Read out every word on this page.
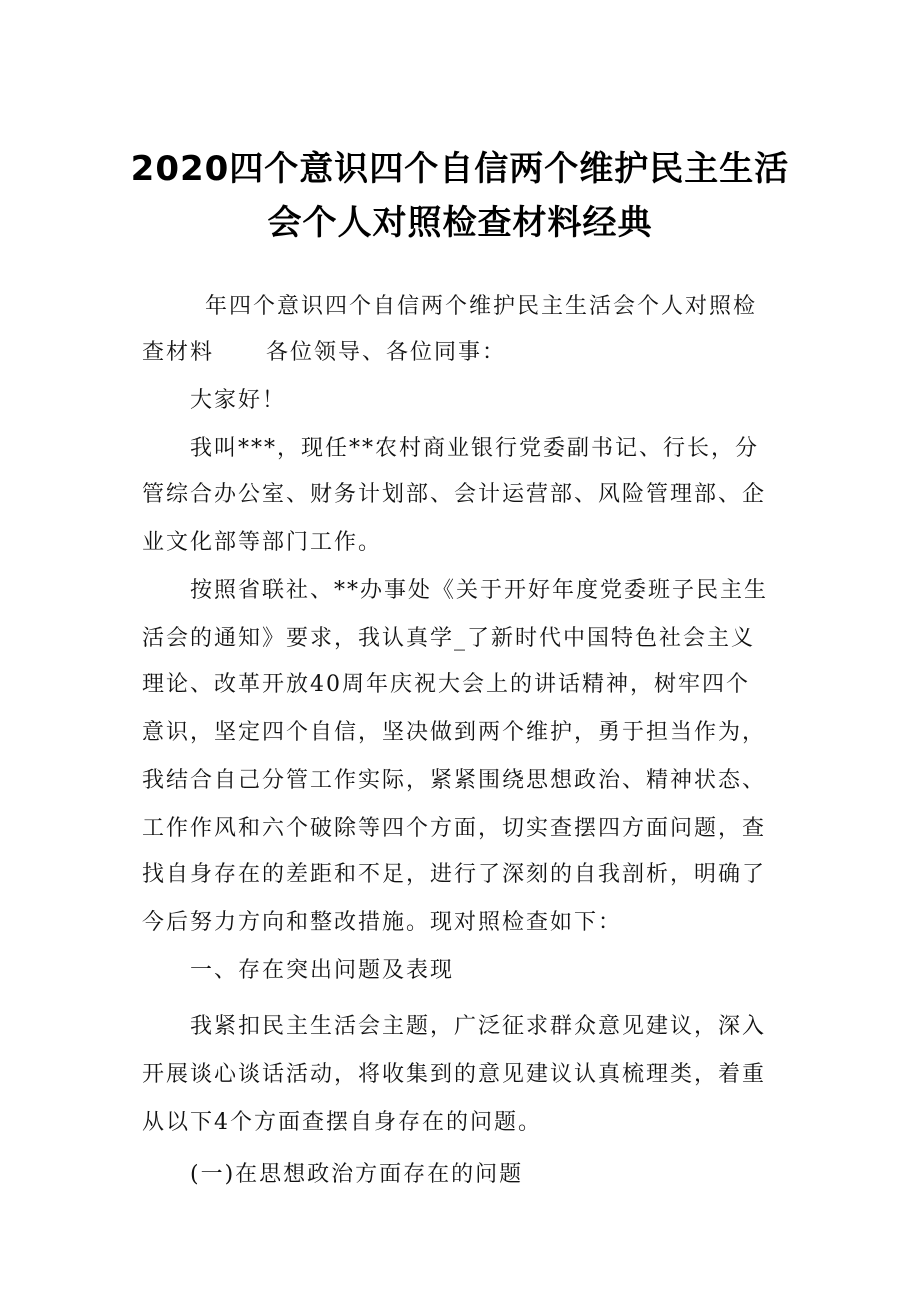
2020四个意识四个自信两个维护民主生活
会个人对照检查材料经典
年四个意识四个自信两个维护民主生活会个人对照检
查材料 各位领导、各位同事：
大家好！
我叫***，现任**农村商业银行党委副书记、行长，分
管综合办公室、财务计划部、会计运营部、风险管理部、企
业文化部等部门工作。
按照省联社、**办事处《关于开好年度党委班子民主生
活会的通知》要求，我认真学_了新时代中国特色社会主义
理论、改革开放40周年庆祝大会上的讲话精神，树牢四个
意识，坚定四个自信，坚决做到两个维护，勇于担当作为，
我结合自己分管工作实际，紧紧围绕思想政治、精神状态、
工作作风和六个破除等四个方面，切实查摆四方面问题，查
找自身存在的差距和不足，进行了深刻的自我剖析，明确了
今后努力方向和整改措施。现对照检查如下：
一、存在突出问题及表现
我紧扣民主生活会主题，广泛征求群众意见建议，深入
开展谈心谈话活动，将收集到的意见建议认真梳理类，着重
从以下4个方面查摆自身存在的问题。
(一)在思想政治方面存在的问题
